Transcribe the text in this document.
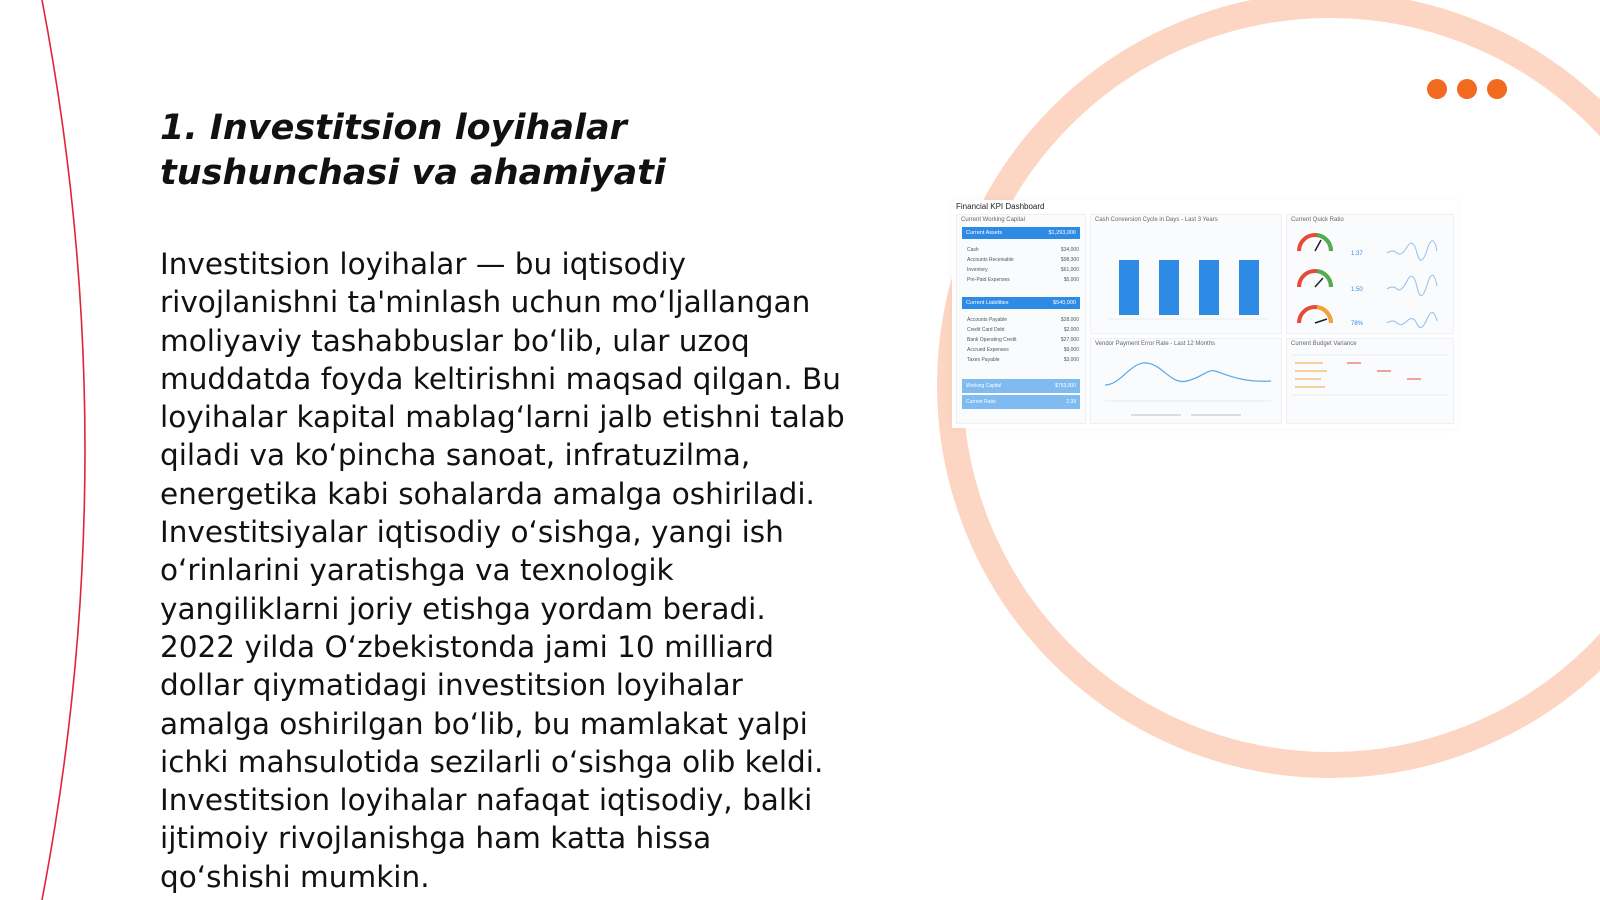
1. Investitsion loyihalar tushunchasi va ahamiyati

Investitsion loyihalar — bu iqtisodiy rivojlanishni ta'minlash uchun mo‘ljallangan moliyaviy tashabbuslar bo‘lib, ular uzoq muddatda foyda keltirishni maqsad qilgan. Bu loyihalar kapital mablag‘larni jalb etishni talab qiladi va ko‘pincha sanoat, infratuzilma, energetika kabi sohalarda amalga oshiriladi. Investitsiyalar iqtisodiy o‘sishga, yangi ish o‘rinlarini yaratishga va texnologik yangiliklarni joriy etishga yordam beradi. 2022 yilda O‘zbekistonda jami 10 milliard dollar qiymatidagi investitsion loyihalar amalga oshirilgan bo‘lib, bu mamlakat yalpi ichki mahsulotida sezilarli o‘sishga olib keldi. Investitsion loyihalar nafaqat iqtisodiy, balki ijtimoiy rivojlanishga ham katta hissa qo‘shishi mumkin.

Financial KPI Dashboard
Current Working Capital
Current Assets	$1,293,000
Cash	$34,000
Accounts Receivable	$98,300
Inventory	$61,000
Pre-Paid Expenses	$5,000
Current Liabilities	$540,000
Accounts Payable	$28,000
Credit Card Debt	$2,000
Bank Operating Credit	$27,000
Accrued Expenses	$9,000
Taxes Payable	$3,000
Working Capital	$753,000
Current Ratio	2.39
Cash Conversion Cycle in Days - Last 3 Years	Current Quick Ratio
1.37
1.50
78%
Vendor Payment Error Rate - Last 12 Months	Current Budget Variance
